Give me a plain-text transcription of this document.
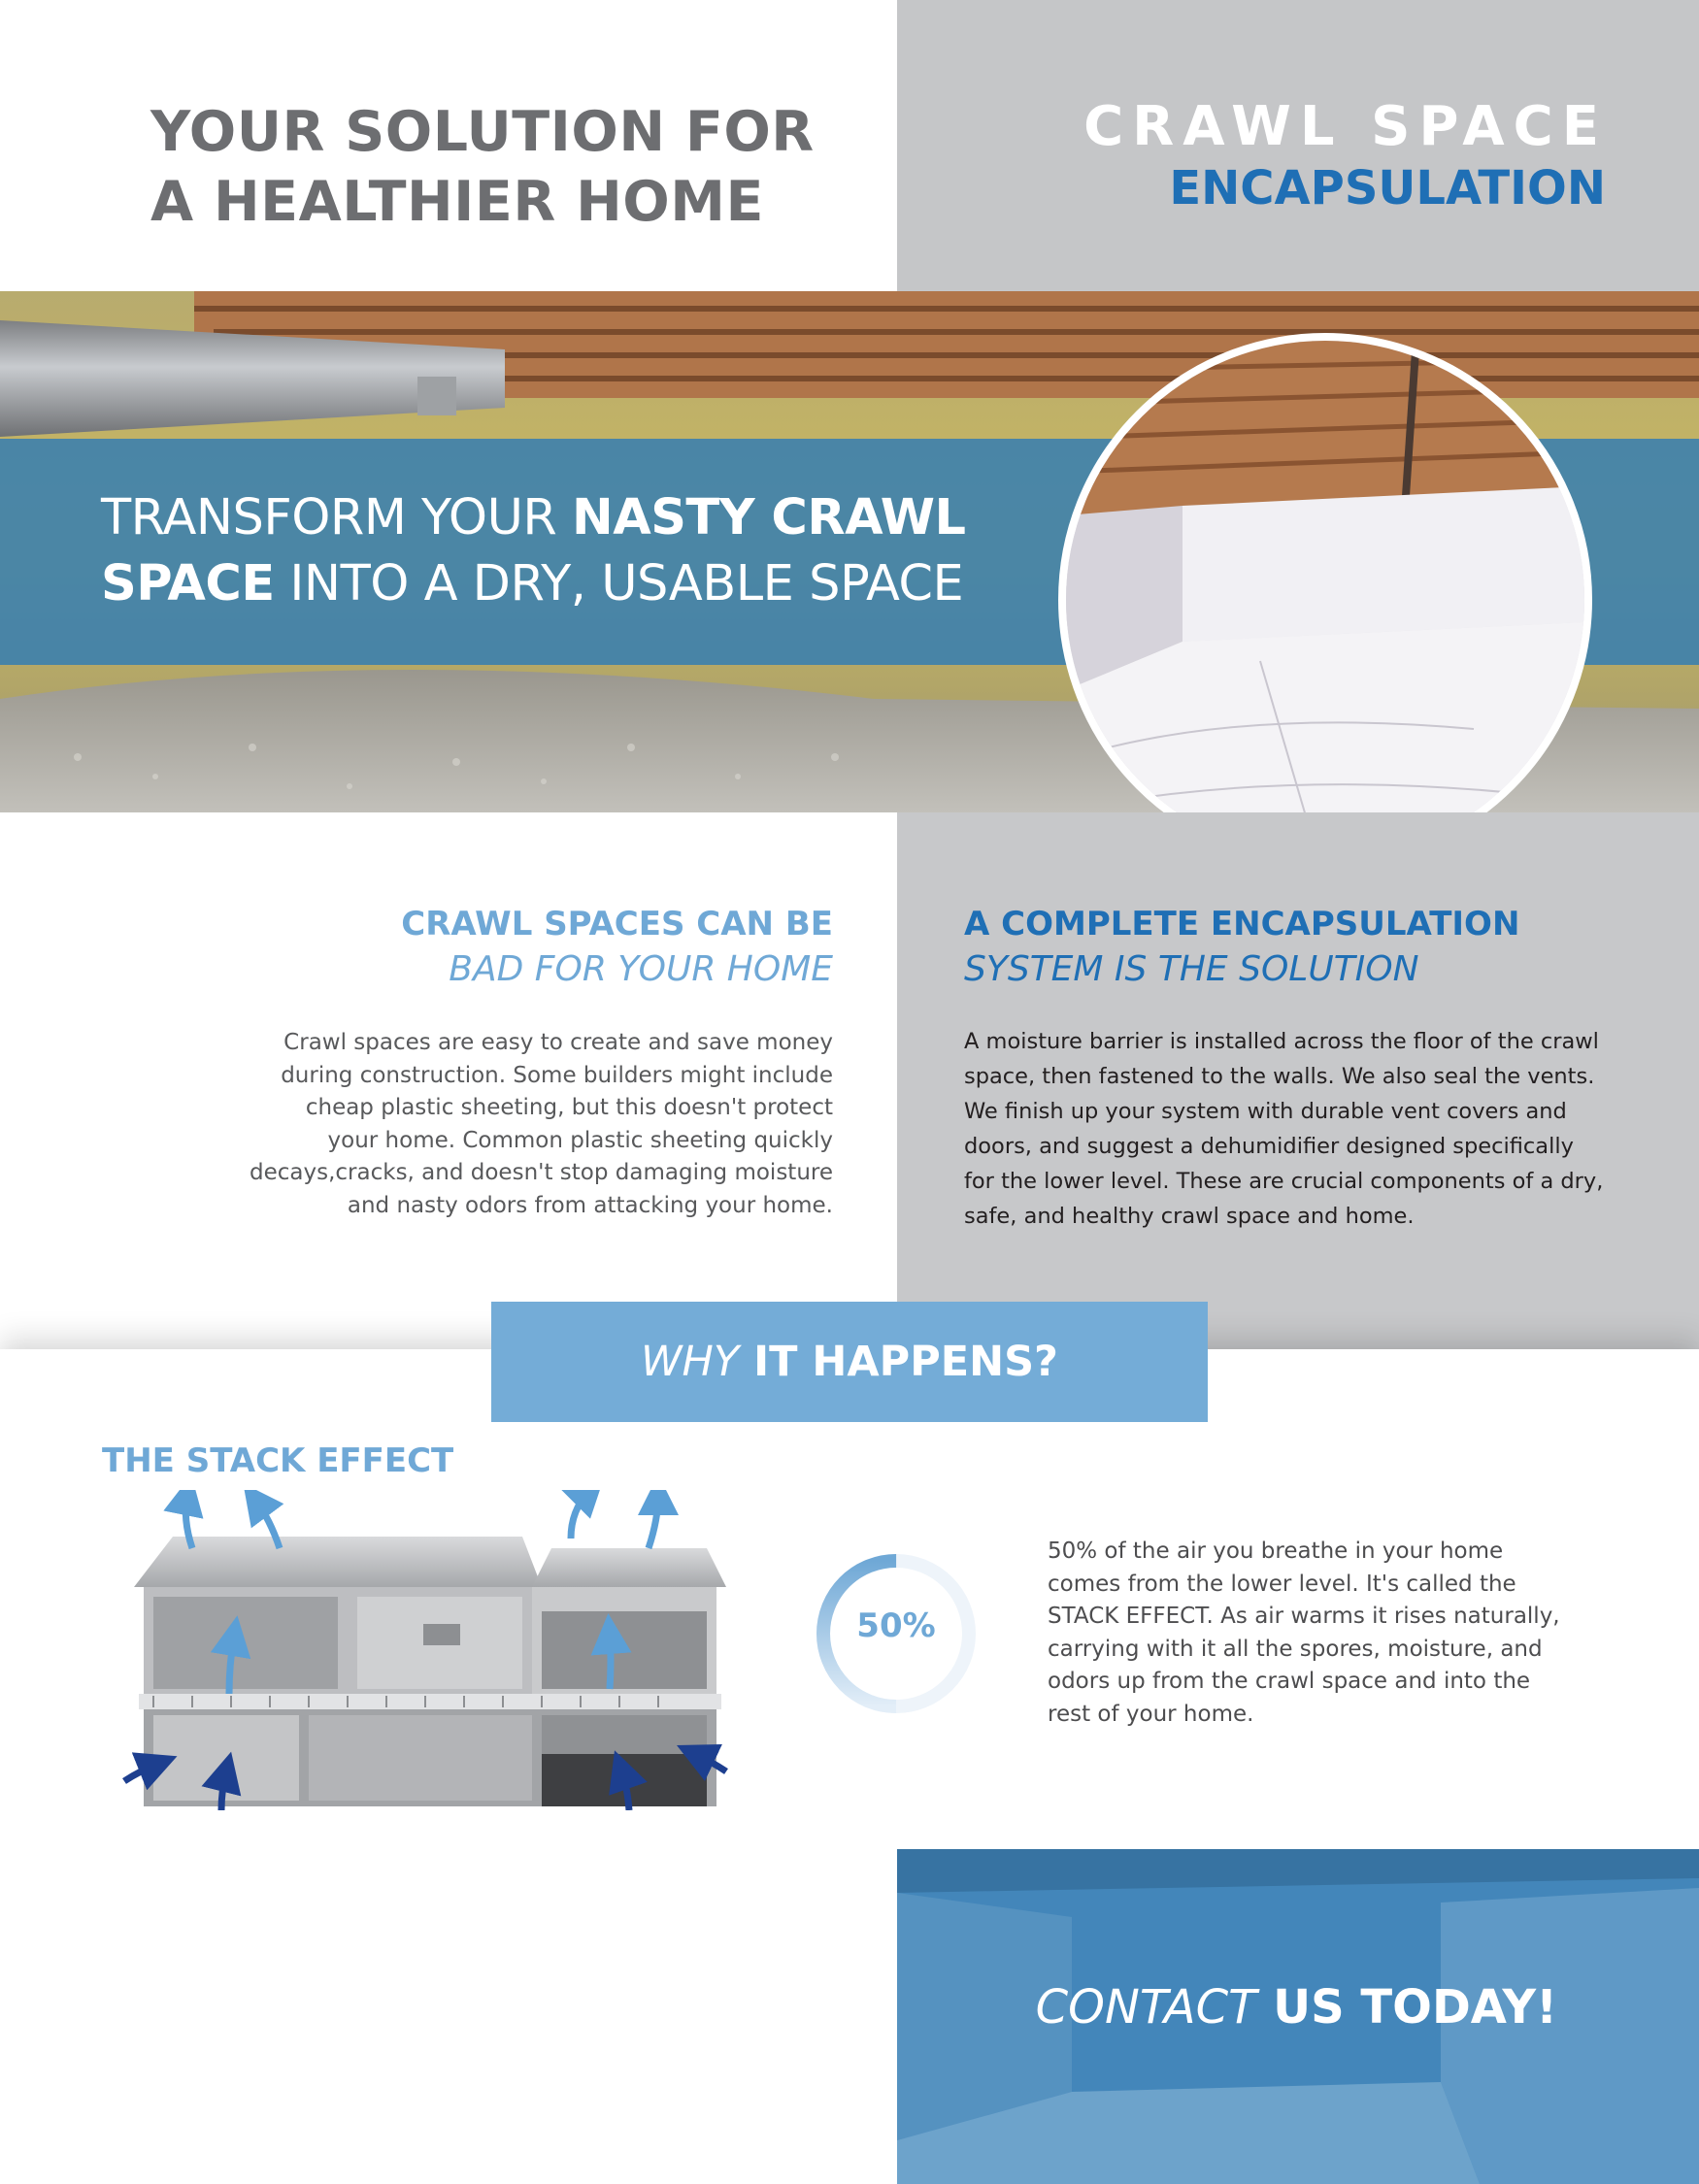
YOUR SOLUTION FOR
A HEALTHIER HOME
CRAWL SPACE
ENCAPSULATION
TRANSFORM YOUR NASTY CRAWL
SPACE INTO A DRY, USABLE SPACE
CRAWL SPACES CAN BE
BAD FOR YOUR HOME
Crawl spaces are easy to create and save money
during construction. Some builders might include
cheap plastic sheeting, but this doesn't protect
your home. Common plastic sheeting quickly
decays,cracks, and doesn't stop damaging moisture
and nasty odors from attacking your home.
A COMPLETE ENCAPSULATION
SYSTEM IS THE SOLUTION
A moisture barrier is installed across the floor of the crawl
space, then fastened to the walls. We also seal the vents.
We finish up your system with durable vent covers and
doors, and suggest a dehumidifier designed specifically
for the lower level. These are crucial components of a dry,
safe, and healthy crawl space and home.
WHY IT HAPPENS?
THE STACK EFFECT
50%
50% of the air you breathe in your home
comes from the lower level. It's called the
STACK EFFECT. As air warms it rises naturally,
carrying with it all the spores, moisture, and
odors up from the crawl space and into the
rest of your home.
CONTACT US TODAY!
